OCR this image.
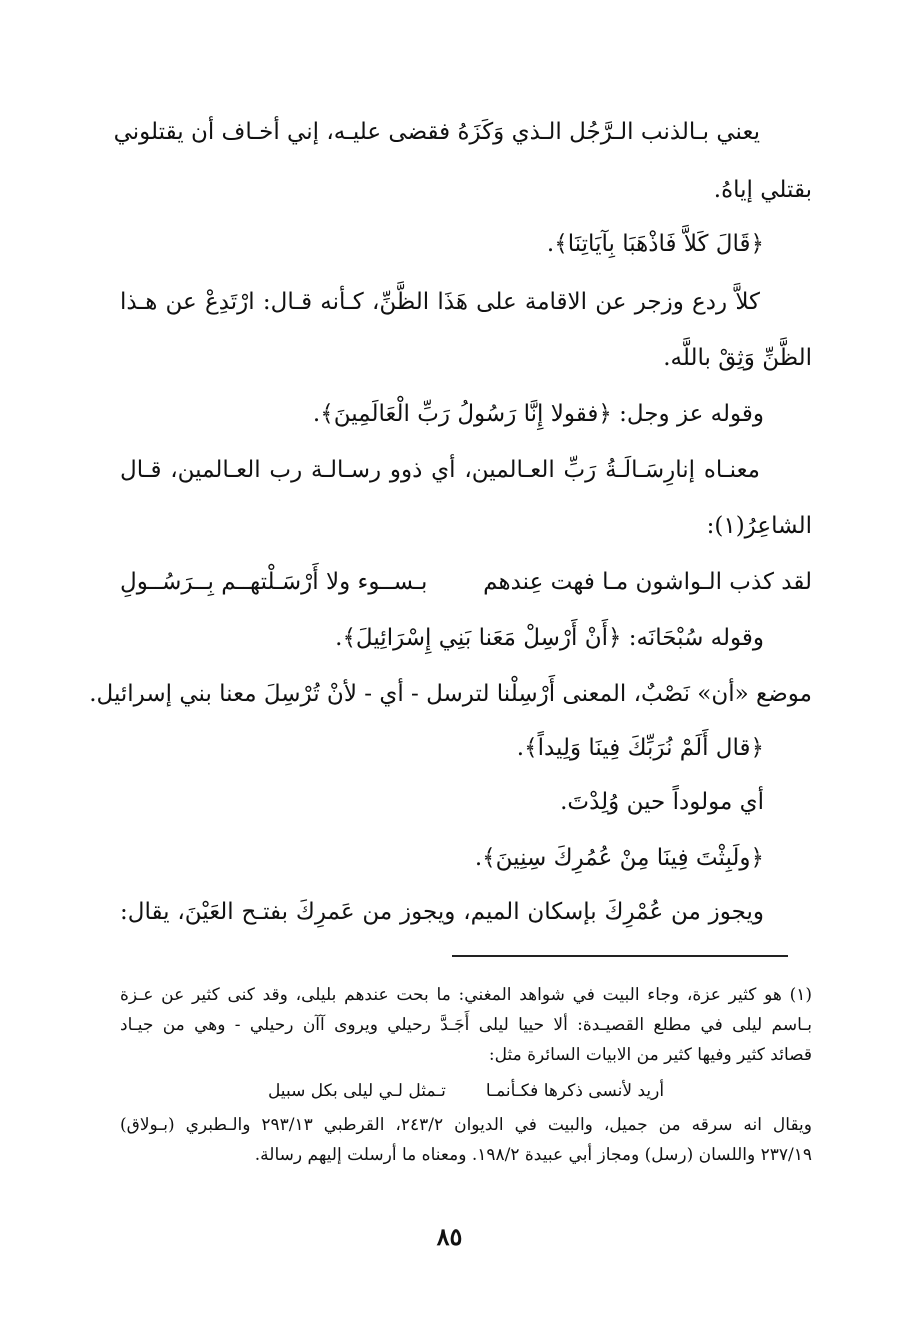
يعني بـالذنب الـرَّجُل الـذي وَكَزَهُ فقضى عليـه، إني أخـاف أن يقتلوني
بقتلي إياهُ.
﴿قَالَ كَلاَّ فَاذْهَبَا بِآيَاتِنَا﴾.
كلاَّ ردع وزجر عن الاقامة على هَذَا الظَّنِّ، كـأنه قـال: ارْتَدِعْ عن هـذا
الظَّنِّ وَثِقْ باللَّه.
وقوله عز وجل: ﴿فقولا إِنَّا رَسُولُ رَبِّ الْعَالَمِينَ﴾.
معنـاه إنارِسَـالَـةُ رَبِّ العـالمين، أي ذوو رسـالـة رب العـالمين، قـال
الشاعِرُ(١):
لقد كذب الـواشون مـا فهت عِندهم
بـســوء ولا أَرْسَـلْتهــم بِــرَسُــولِ
وقوله سُبْحَانَه: ﴿أَنْ أَرْسِلْ مَعَنا بَنِي إِسْرَائِيلَ﴾.
موضع «أن» نَصْبٌ، المعنى أَرْسِلْنا لترسل - أي - لأنْ تُرْسِلَ معنا بني إسرائيل.
﴿قال أَلَمْ نُرَبِّكَ فِينَا وَلِيداً﴾.
أي مولوداً حين وُلِدْتَ.
﴿ولَبِثْتَ فِينَا مِنْ عُمُرِكَ سِنِينَ﴾.
ويجوز من عُمْرِكَ بإسكان الميم، ويجوز من عَمرِكَ بفتـح العَيْنَ، يقال:
(١) هو كثير عزة، وجاء البيت في شواهد المغني: ما بحت عندهم بليلى، وقد كنى كثير عن عـزة
بـاسم ليلى في مطلع القصيـدة: ألا حييا ليلى أَجَـدَّ رحيلي ويروى آآن رحيلي - وهي من جيـاد
قصائد كثير وفيها كثير من الابيات السائرة مثل:
أريد لأنسى ذكرها فكـأنمـا
تـمثل لـي ليلى بكل سبيل
ويقال انه سرقه من جميل، والبيت في الديوان ٢٤٣/٢، القرطبي ٢٩٣/١٣ والـطبري (بـولاق)
٢٣٧/١٩ واللسان (رسل) ومجاز أبي عبيدة ١٩٨/٢. ومعناه ما أرسلت إليهم رسالة.
٨٥
